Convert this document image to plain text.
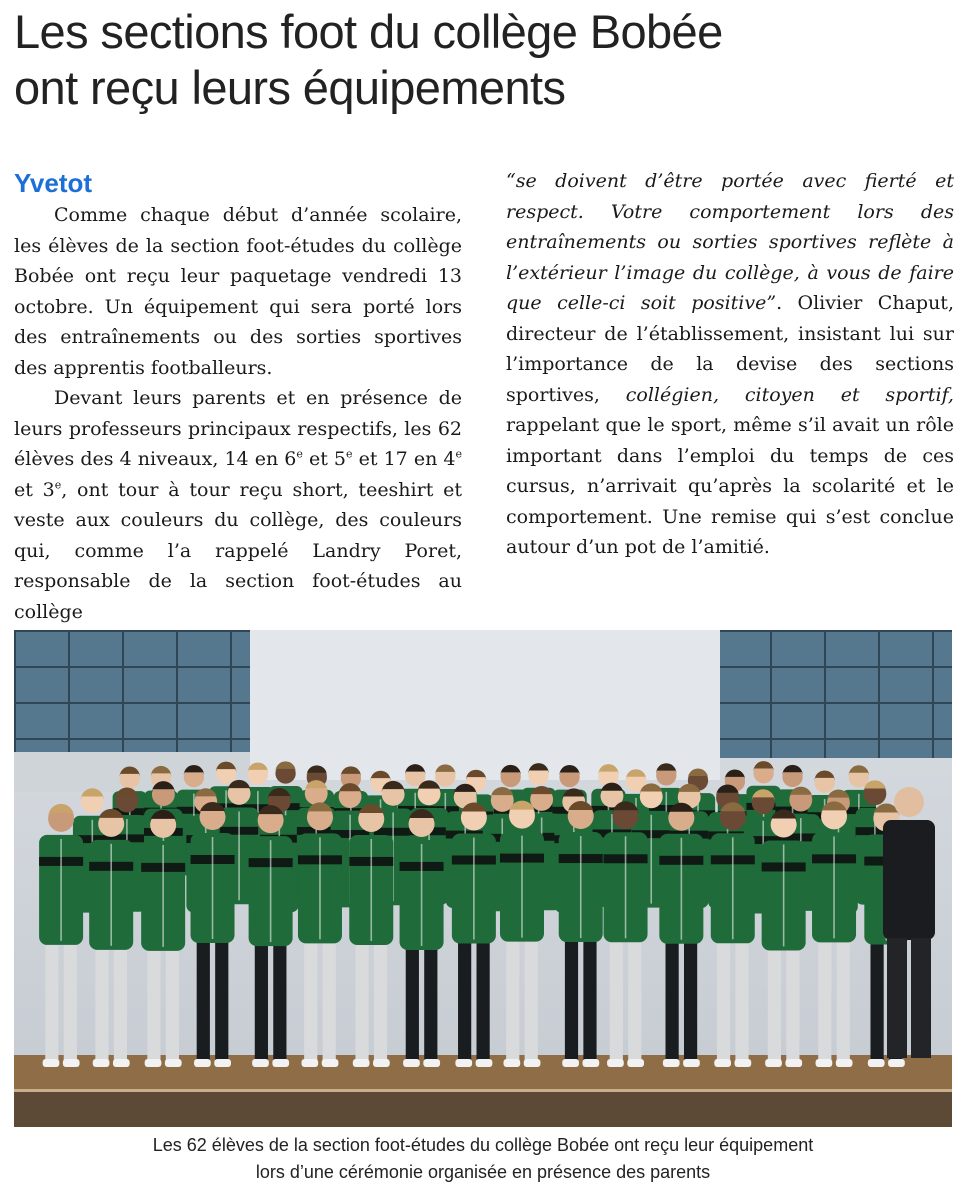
Les sections foot du collège Bobée
ont reçu leurs équipements
Yvetot

Comme chaque début d’année scolaire, les élèves de la section foot-études du collège Bobée ont reçu leur paquetage vendredi 13 octobre. Un équipement qui sera porté lors des entraînements ou des sorties sportives des apprentis footballeurs.

Devant leurs parents et en présence de leurs professeurs principaux respectifs, les 62 élèves des 4 niveaux, 14 en 6e et 5e et 17 en 4e et 3e, ont tour à tour reçu short, teeshirt et veste aux couleurs du collège, des couleurs qui, comme l’a rappelé Landry Poret, responsable de la section foot-études au collège

“se doivent d’être portée avec fierté et respect. Votre comportement lors des entraînements ou sorties sportives reflète à l’extérieur l’image du collège, à vous de faire que celle-ci soit positive”. Olivier Chaput, directeur de l’établissement, insistant lui sur l’importance de la devise des sections sportives, collégien, citoyen et sportif, rappelant que le sport, même s’il avait un rôle important dans l’emploi du temps de ces cursus, n’arrivait qu’après la scolarité et le comportement. Une remise qui s’est conclue autour d’un pot de l’amitié.

Les 62 élèves de la section foot-études du collège Bobée ont reçu leur équipement
lors d’une cérémonie organisée en présence des parents
